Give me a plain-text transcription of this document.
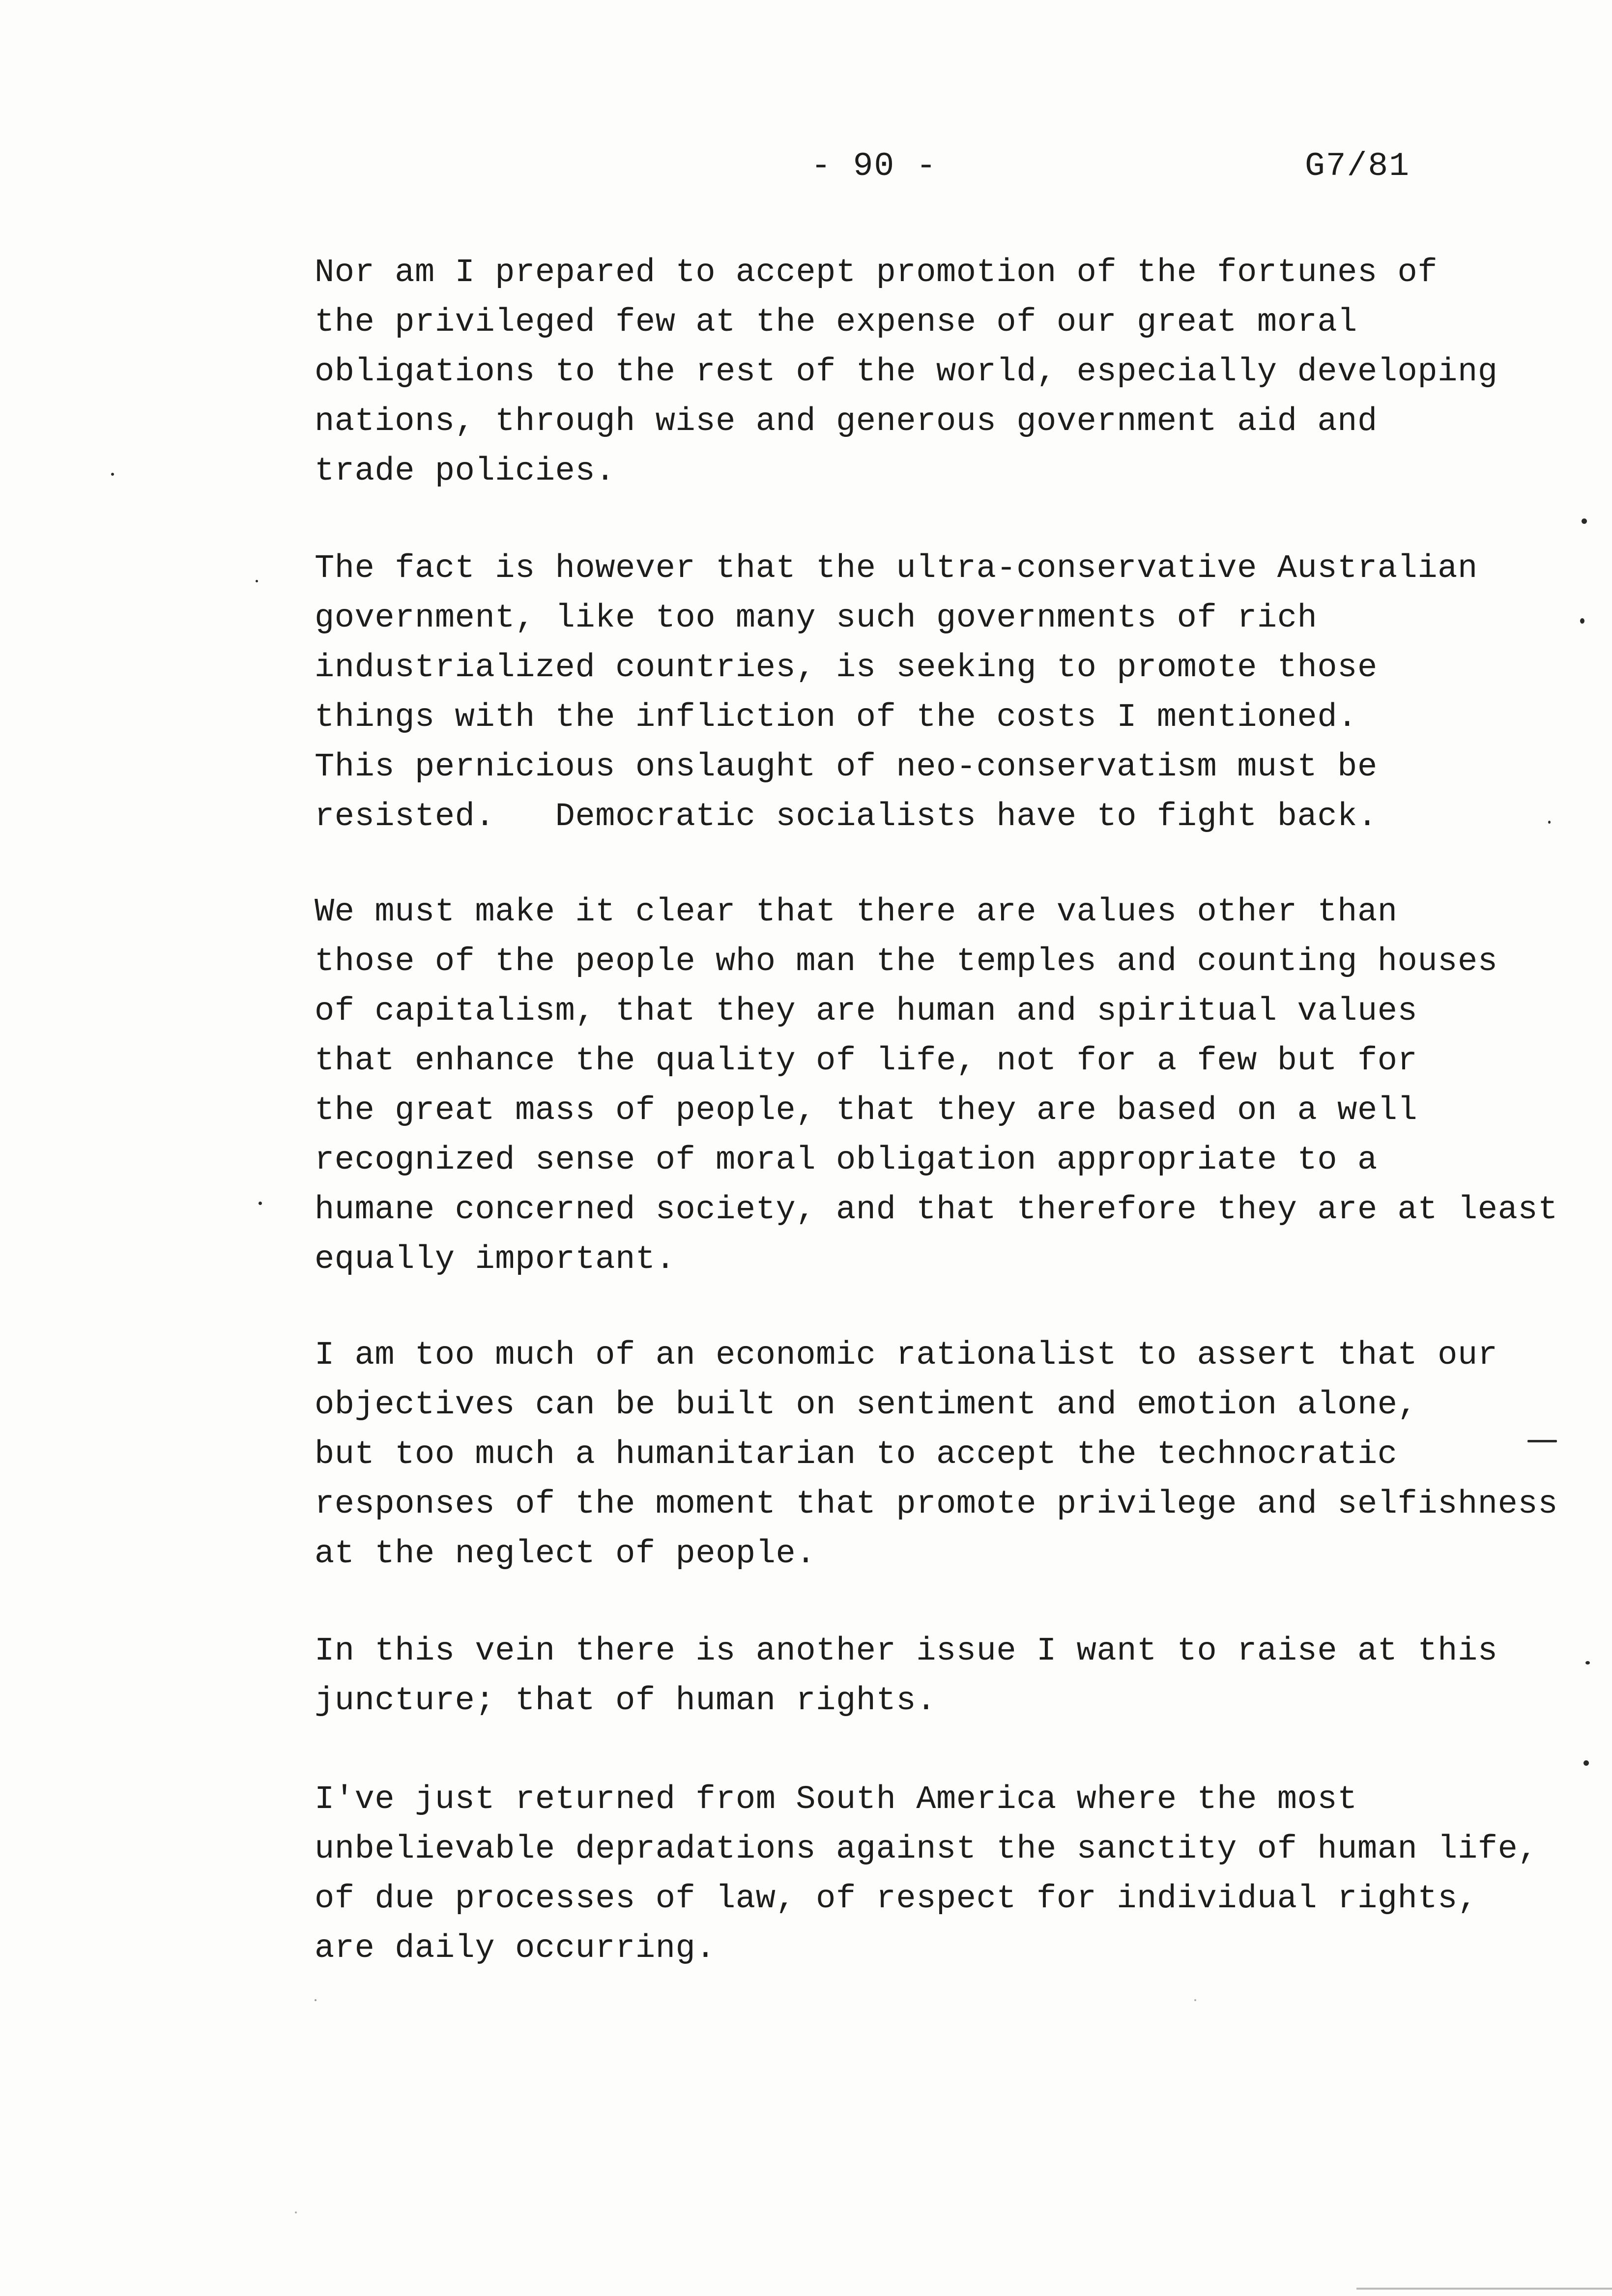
- 90 -	G7/81
Nor am I prepared to accept promotion of the fortunes of
the privileged few at the expense of our great moral
obligations to the rest of the world, especially developing
nations, through wise and generous government aid and
trade policies.
The fact is however that the ultra-conservative Australian
government, like too many such governments of rich
industrialized countries, is seeking to promote those
things with the infliction of the costs I mentioned.
This pernicious onslaught of neo-conservatism must be
resisted.   Democratic socialists have to fight back.
We must make it clear that there are values other than
those of the people who man the temples and counting houses
of capitalism, that they are human and spiritual values
that enhance the quality of life, not for a few but for
the great mass of people, that they are based on a well
recognized sense of moral obligation appropriate to a
humane concerned society, and that therefore they are at least
equally important.
I am too much of an economic rationalist to assert that our
objectives can be built on sentiment and emotion alone,
but too much a humanitarian to accept the technocratic
responses of the moment that promote privilege and selfishness
at the neglect of people.
In this vein there is another issue I want to raise at this
juncture; that of human rights.
I've just returned from South America where the most
unbelievable depradations against the sanctity of human life,
of due processes of law, of respect for individual rights,
are daily occurring.
